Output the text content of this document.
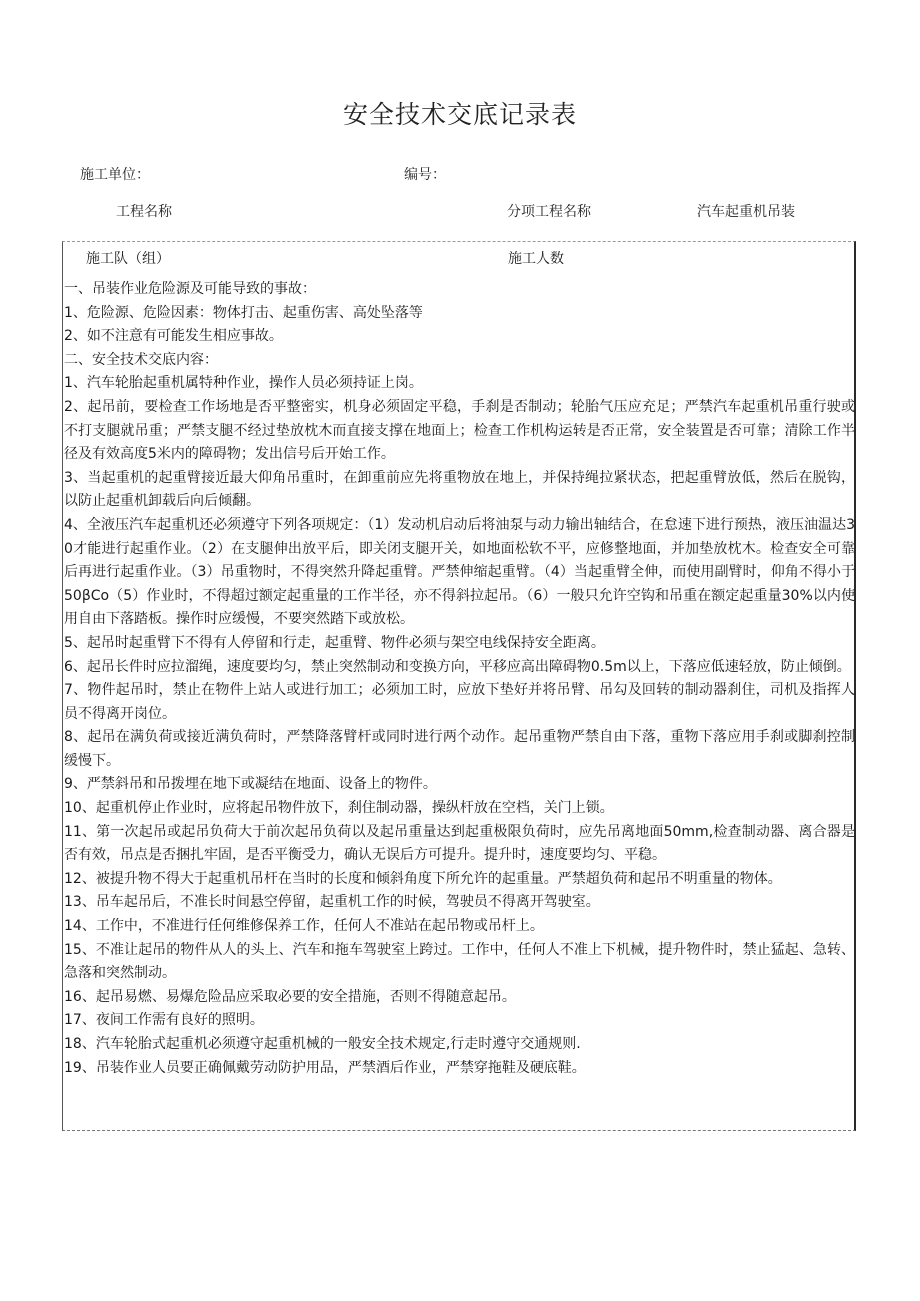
安全技术交底记录表
施工单位：	编号：
工程名称	分项工程名称	汽车起重机吊装
施工队（组）	施工人数

一、吊装作业危险源及可能导致的事故：

1、危险源、危险因素：物体打击、起重伤害、高处坠落等

2、如不注意有可能发生相应事故。

二、安全技术交底内容：

1、汽车轮胎起重机属特种作业，操作人员必须持证上岗。

2、起吊前，要检查工作场地是否平整密实，机身必须固定平稳，手刹是否制动；轮胎气压应充足；严禁汽车起重机吊重行驶或不打支腿就吊重；严禁支腿不经过垫放枕木而直接支撑在地面上；检查工作机构运转是否正常，安全装置是否可靠；清除工作半径及有效高度5米内的障碍物；发出信号后开始工作。

3、当起重机的起重臂接近最大仰角吊重时，在卸重前应先将重物放在地上，并保持绳拉紧状态，把起重臂放低，然后在脱钩，以防止起重机卸载后向后倾翻。

4、全液压汽车起重机还必须遵守下列各项规定：（1）发动机启动后将油泵与动力输出轴结合，在怠速下进行预热，液压油温达30才能进行起重作业。（2）在支腿伸出放平后，即关闭支腿开关，如地面松软不平，应修整地面，并加垫放枕木。检查安全可靠后再进行起重作业。（3）吊重物时，不得突然升降起重臂。严禁伸缩起重臂。（4）当起重臂全伸，而使用副臂时，仰角不得小于50βCo（5）作业时，不得超过额定起重量的工作半径，亦不得斜拉起吊。（6）一般只允许空钩和吊重在额定起重量30%以内使用自由下落踏板。操作时应缓慢，不要突然踏下或放松。

5、起吊时起重臂下不得有人停留和行走，起重臂、物件必须与架空电线保持安全距离。

6、起吊长件时应拉溜绳，速度要均匀，禁止突然制动和变换方向，平移应高出障碍物0.5m以上，下落应低速轻放，防止倾倒。

7、物件起吊时，禁止在物件上站人或进行加工；必须加工时，应放下垫好并将吊臂、吊勾及回转的制动器刹住，司机及指挥人员不得离开岗位。

8、起吊在满负荷或接近满负荷时，严禁降落臂杆或同时进行两个动作。起吊重物严禁自由下落，重物下落应用手刹或脚刹控制缓慢下。

9、严禁斜吊和吊拨埋在地下或凝结在地面、设备上的物件。

10、起重机停止作业时，应将起吊物件放下，刹住制动器，操纵杆放在空档，关门上锁。

11、第一次起吊或起吊负荷大于前次起吊负荷以及起吊重量达到起重极限负荷时，应先吊离地面50mm,检查制动器、离合器是否有效，吊点是否捆扎牢固，是否平衡受力，确认无误后方可提升。提升时，速度要均匀、平稳。

12、被提升物不得大于起重机吊杆在当时的长度和倾斜角度下所允许的起重量。严禁超负荷和起吊不明重量的物体。

13、吊车起吊后，不准长时间悬空停留，起重机工作的时候，驾驶员不得离开驾驶室。

14、工作中，不准进行任何维修保养工作，任何人不准站在起吊物或吊杆上。

15、不准让起吊的物件从人的头上、汽车和拖车驾驶室上跨过。工作中，任何人不准上下机械，提升物件时，禁止猛起、急转、急落和突然制动。

16、起吊易燃、易爆危险品应采取必要的安全措施，否则不得随意起吊。

17、夜间工作需有良好的照明。

18、汽车轮胎式起重机必须遵守起重机械的一般安全技术规定,行走时遵守交通规则.

19、吊装作业人员要正确佩戴劳动防护用品，严禁酒后作业，严禁穿拖鞋及硬底鞋。
